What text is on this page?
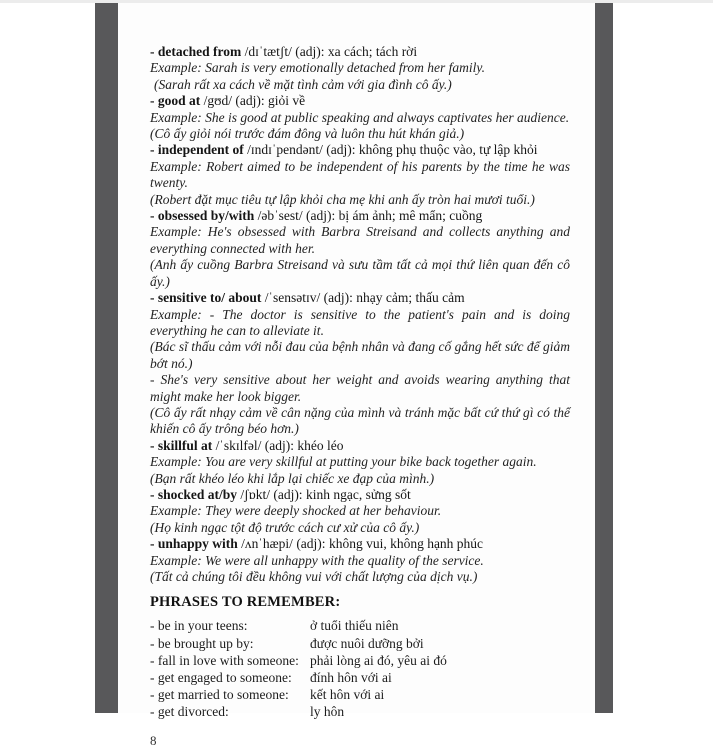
- detached from /dɪˈtætʃt/ (adj): xa cách; tách rời

Example: Sarah is very emotionally detached from her family.

(Sarah rất xa cách về mặt tình cảm với gia đình cô ấy.)

- good at /gʊd/ (adj): giỏi về

Example: She is good at public speaking and always captivates her audience.

(Cô ấy giỏi nói trước đám đông và luôn thu hút khán giả.)

- independent of /ɪndɪˈpendənt/ (adj): không phụ thuộc vào, tự lập khỏi

Example: Robert aimed to be independent of his parents by the time he was twenty.

(Robert đặt mục tiêu tự lập khỏi cha mẹ khi anh ấy tròn hai mươi tuổi.)

- obsessed by/with /əbˈsest/ (adj): bị ám ảnh; mê mẩn; cuồng

Example: He's obsessed with Barbra Streisand and collects anything and everything connected with her.

(Anh ấy cuồng Barbra Streisand và sưu tầm tất cả mọi thứ liên quan đến cô ấy.)

- sensitive to/ about /ˈsensətɪv/ (adj): nhạy cảm; thấu cảm

Example: - The doctor is sensitive to the patient's pain and is doing everything he can to alleviate it.

(Bác sĩ thấu cảm với nỗi đau của bệnh nhân và đang cố gắng hết sức để giảm bớt nó.)

- She's very sensitive about her weight and avoids wearing anything that might make her look bigger.

(Cô ấy rất nhạy cảm về cân nặng của mình và tránh mặc bất cứ thứ gì có thể khiến cô ấy trông béo hơn.)

- skillful at /ˈskɪlfəl/ (adj): khéo léo

Example: You are very skillful at putting your bike back together again.

(Bạn rất khéo léo khi lắp lại chiếc xe đạp của mình.)

- shocked at/by /ʃɒkt/ (adj): kinh ngạc, sửng sốt

Example: They were deeply shocked at her behaviour.

(Họ kinh ngạc tột độ trước cách cư xử của cô ấy.)

- unhappy with /ʌnˈhæpi/ (adj): không vui, không hạnh phúc

Example: We were all unhappy with the quality of the service.

(Tất cả chúng tôi đều không vui với chất lượng của dịch vụ.)

PHRASES TO REMEMBER:
- be in your teens:	ở tuổi thiếu niên
- be brought up by:	được nuôi dưỡng bởi
- fall in love with someone: phải lòng ai đó, yêu ai đó
- get engaged to someone:	đính hôn với ai
- get married to someone:	kết hôn với ai
- get divorced:	ly hôn
8
